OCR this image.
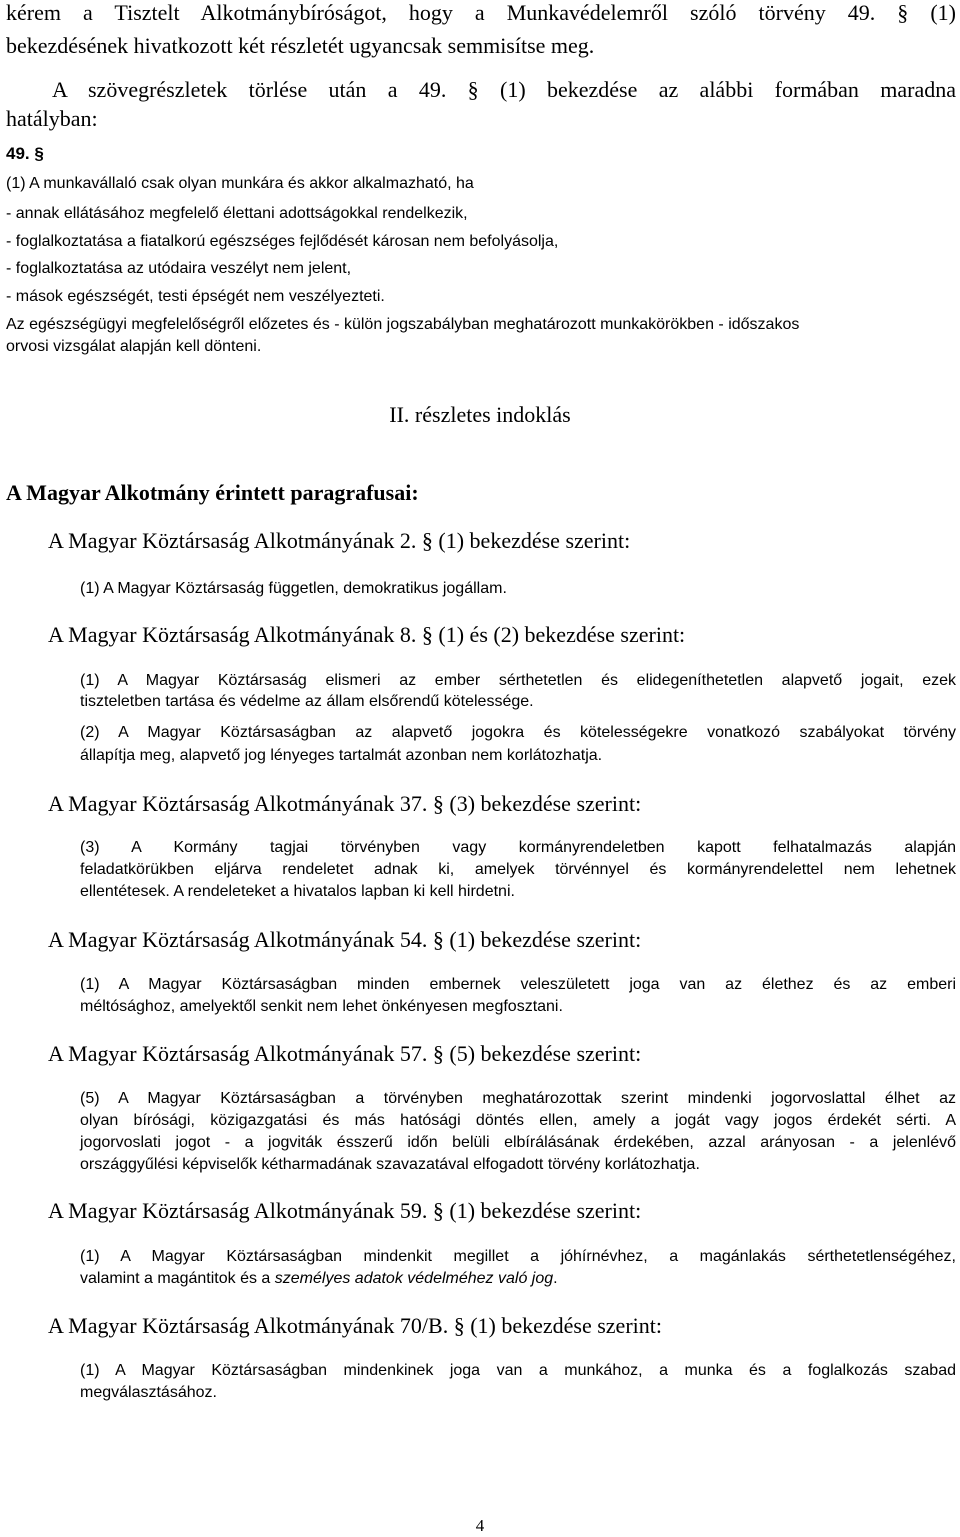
kérem a Tisztelt Alkotmánybíróságot, hogy a Munkavédelemről szóló törvény 49. § (1)

bekezdésének hivatkozott két részletét ugyancsak semmisítse meg.

A szövegrészletek törlése után a 49. § (1) bekezdése az alábbi formában maradna

hatályban:

49. §

(1) A munkavállaló csak olyan munkára és akkor alkalmazható, ha

- annak ellátásához megfelelő élettani adottságokkal rendelkezik,

- foglalkoztatása a fiatalkorú egészséges fejlődését károsan nem befolyásolja,

- foglalkoztatása az utódaira veszélyt nem jelent,

- mások egészségét, testi épségét nem veszélyezteti.

Az egészségügyi megfelelőségről előzetes és - külön jogszabályban meghatározott munkakörökben - időszakos

orvosi vizsgálat alapján kell dönteni.

II. részletes indoklás

A Magyar Alkotmány érintett paragrafusai:

A Magyar Köztársaság Alkotmányának 2. § (1) bekezdése szerint:

(1) A Magyar Köztársaság független, demokratikus jogállam.

A Magyar Köztársaság Alkotmányának 8. § (1) és (2) bekezdése szerint:

(1) A Magyar Köztársaság elismeri az ember sérthetetlen és elidegeníthetetlen alapvető jogait, ezek

tiszteletben tartása és védelme az állam elsőrendű kötelessége.

(2) A Magyar Köztársaságban az alapvető jogokra és kötelességekre vonatkozó szabályokat törvény

állapítja meg, alapvető jog lényeges tartalmát azonban nem korlátozhatja.

A Magyar Köztársaság Alkotmányának 37. § (3) bekezdése szerint:

(3) A Kormány tagjai törvényben vagy kormányrendeletben kapott felhatalmazás alapján

feladatkörükben eljárva rendeletet adnak ki, amelyek törvénnyel és kormányrendelettel nem lehetnek

ellentétesek. A rendeleteket a hivatalos lapban ki kell hirdetni.

A Magyar Köztársaság Alkotmányának 54. § (1) bekezdése szerint:

(1) A Magyar Köztársaságban minden embernek veleszületett joga van az élethez és az emberi

méltósághoz, amelyektől senkit nem lehet önkényesen megfosztani.

A Magyar Köztársaság Alkotmányának 57. § (5) bekezdése szerint:

(5) A Magyar Köztársaságban a törvényben meghatározottak szerint mindenki jogorvoslattal élhet az

olyan bírósági, közigazgatási és más hatósági döntés ellen, amely a jogát vagy jogos érdekét sérti. A

jogorvoslati jogot - a jogviták ésszerű időn belüli elbírálásának érdekében, azzal arányosan - a jelenlévő

országgyűlési képviselők kétharmadának szavazatával elfogadott törvény korlátozhatja.

A Magyar Köztársaság Alkotmányának 59. § (1) bekezdése szerint:

(1) A Magyar Köztársaságban mindenkit megillet a jóhírnévhez, a magánlakás sérthetetlenségéhez,

valamint a magántitok és a személyes adatok védelméhez való jog.

A Magyar Köztársaság Alkotmányának 70/B. § (1) bekezdése szerint:

(1) A Magyar Köztársaságban mindenkinek joga van a munkához, a munka és a foglalkozás szabad

megválasztásához.

4
